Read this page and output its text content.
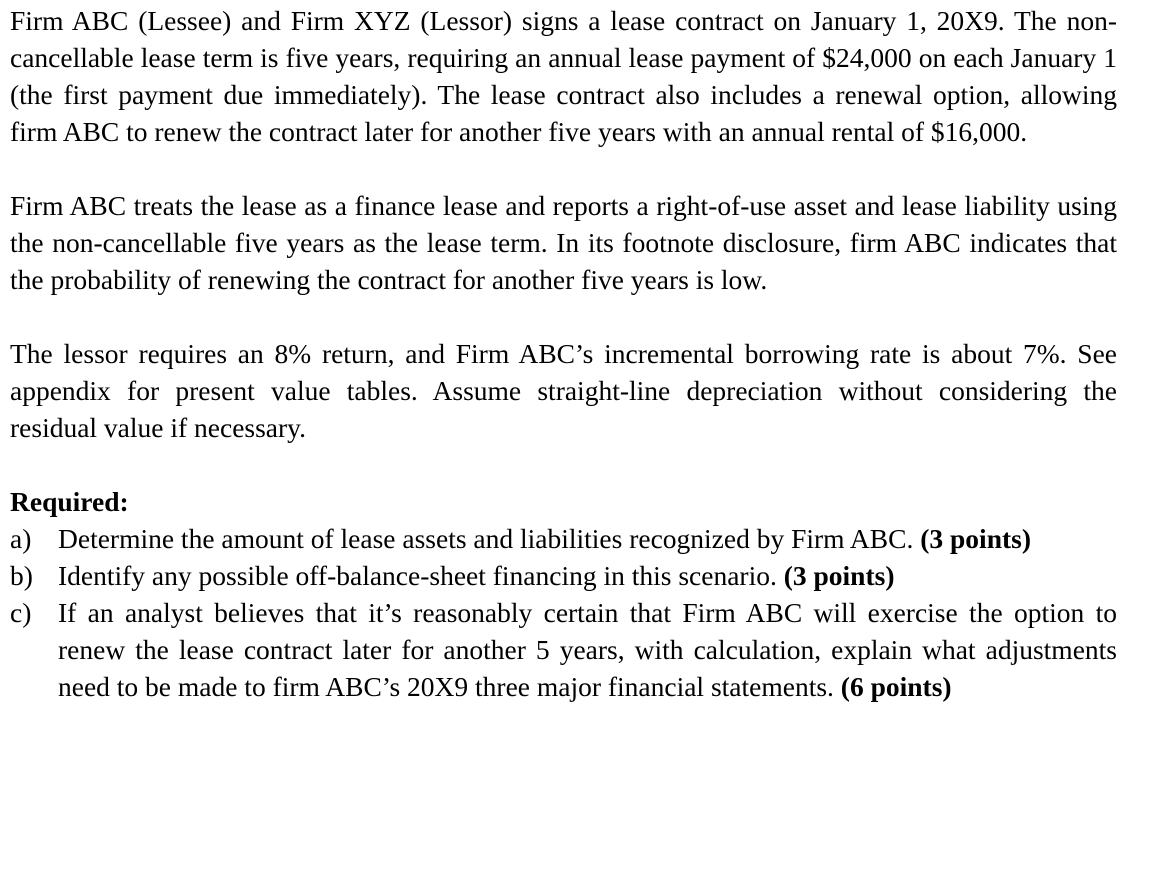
Firm ABC (Lessee) and Firm XYZ (Lessor) signs a lease contract on January 1, 20X9. The non-cancellable lease term is five years, requiring an annual lease payment of $24,000 on each January 1 (the first payment due immediately). The lease contract also includes a renewal option, allowing firm ABC to renew the contract later for another five years with an annual rental of $16,000.

Firm ABC treats the lease as a finance lease and reports a right-of-use asset and lease liability using the non-cancellable five years as the lease term. In its footnote disclosure, firm ABC indicates that the probability of renewing the contract for another five years is low.

The lessor requires an 8% return, and Firm ABC’s incremental borrowing rate is about 7%. See appendix for present value tables. Assume straight-line depreciation without considering the residual value if necessary.

Required:

a) Determine the amount of lease assets and liabilities recognized by Firm ABC. (3 points)
b) Identify any possible off-balance-sheet financing in this scenario. (3 points)
c) If an analyst believes that it’s reasonably certain that Firm ABC will exercise the option to renew the lease contract later for another 5 years, with calculation, explain what adjustments need to be made to firm ABC’s 20X9 three major financial statements. (6 points)
